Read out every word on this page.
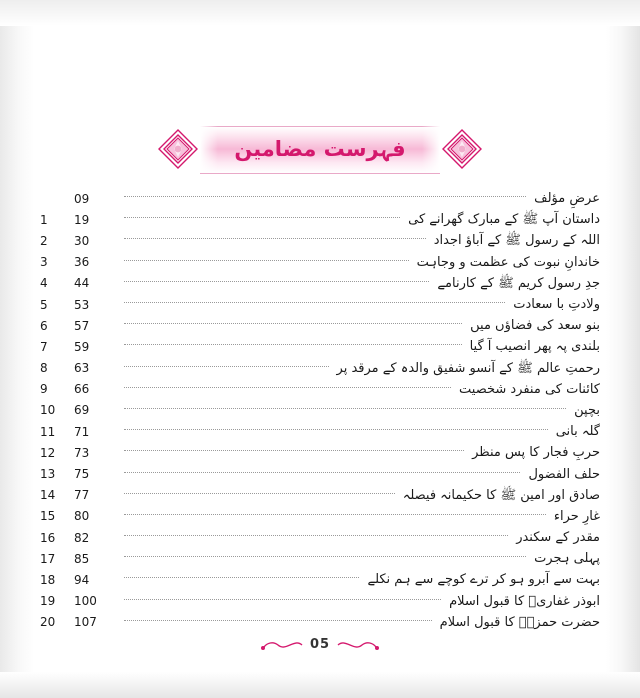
فہرست مضامین
عرضِ مؤلف
09
داستان آپ ﷺ کے مبارک گھرانے کی
19
1
اللہ کے رسول ﷺ کے آباؤ اجداد
30
2
خاندانِ نبوت کی عظمت و وجاہت
36
3
جدِ رسول کریم ﷺ کے کارنامے
44
4
ولادتِ با سعادت
53
5
بنو سعد کی فضاؤں میں
57
6
بلندی پہ پھر انصیب آ گیا
59
7
رحمتِ عالم ﷺ کے آنسو شفیق والدہ کے مرقد پر
63
8
کائنات کی منفرد شخصیت
66
9
بچپن
69
10
گلہ بانی
71
11
حربِ فجار کا پس منظر
73
12
حلف الفضول
75
13
صادق اور امین ﷺ کا حکیمانہ فیصلہ
77
14
غارِ حراء
80
15
مقدر کے سکندر
82
16
پہلی ہجرت
85
17
بہت سے آبرو ہو کر ترے کوچے سے ہم نکلے
94
18
ابوذر غفاریؓ کا قبول اسلام
100
19
حضرت حمزہؓ کا قبول اسلام
107
20
05
